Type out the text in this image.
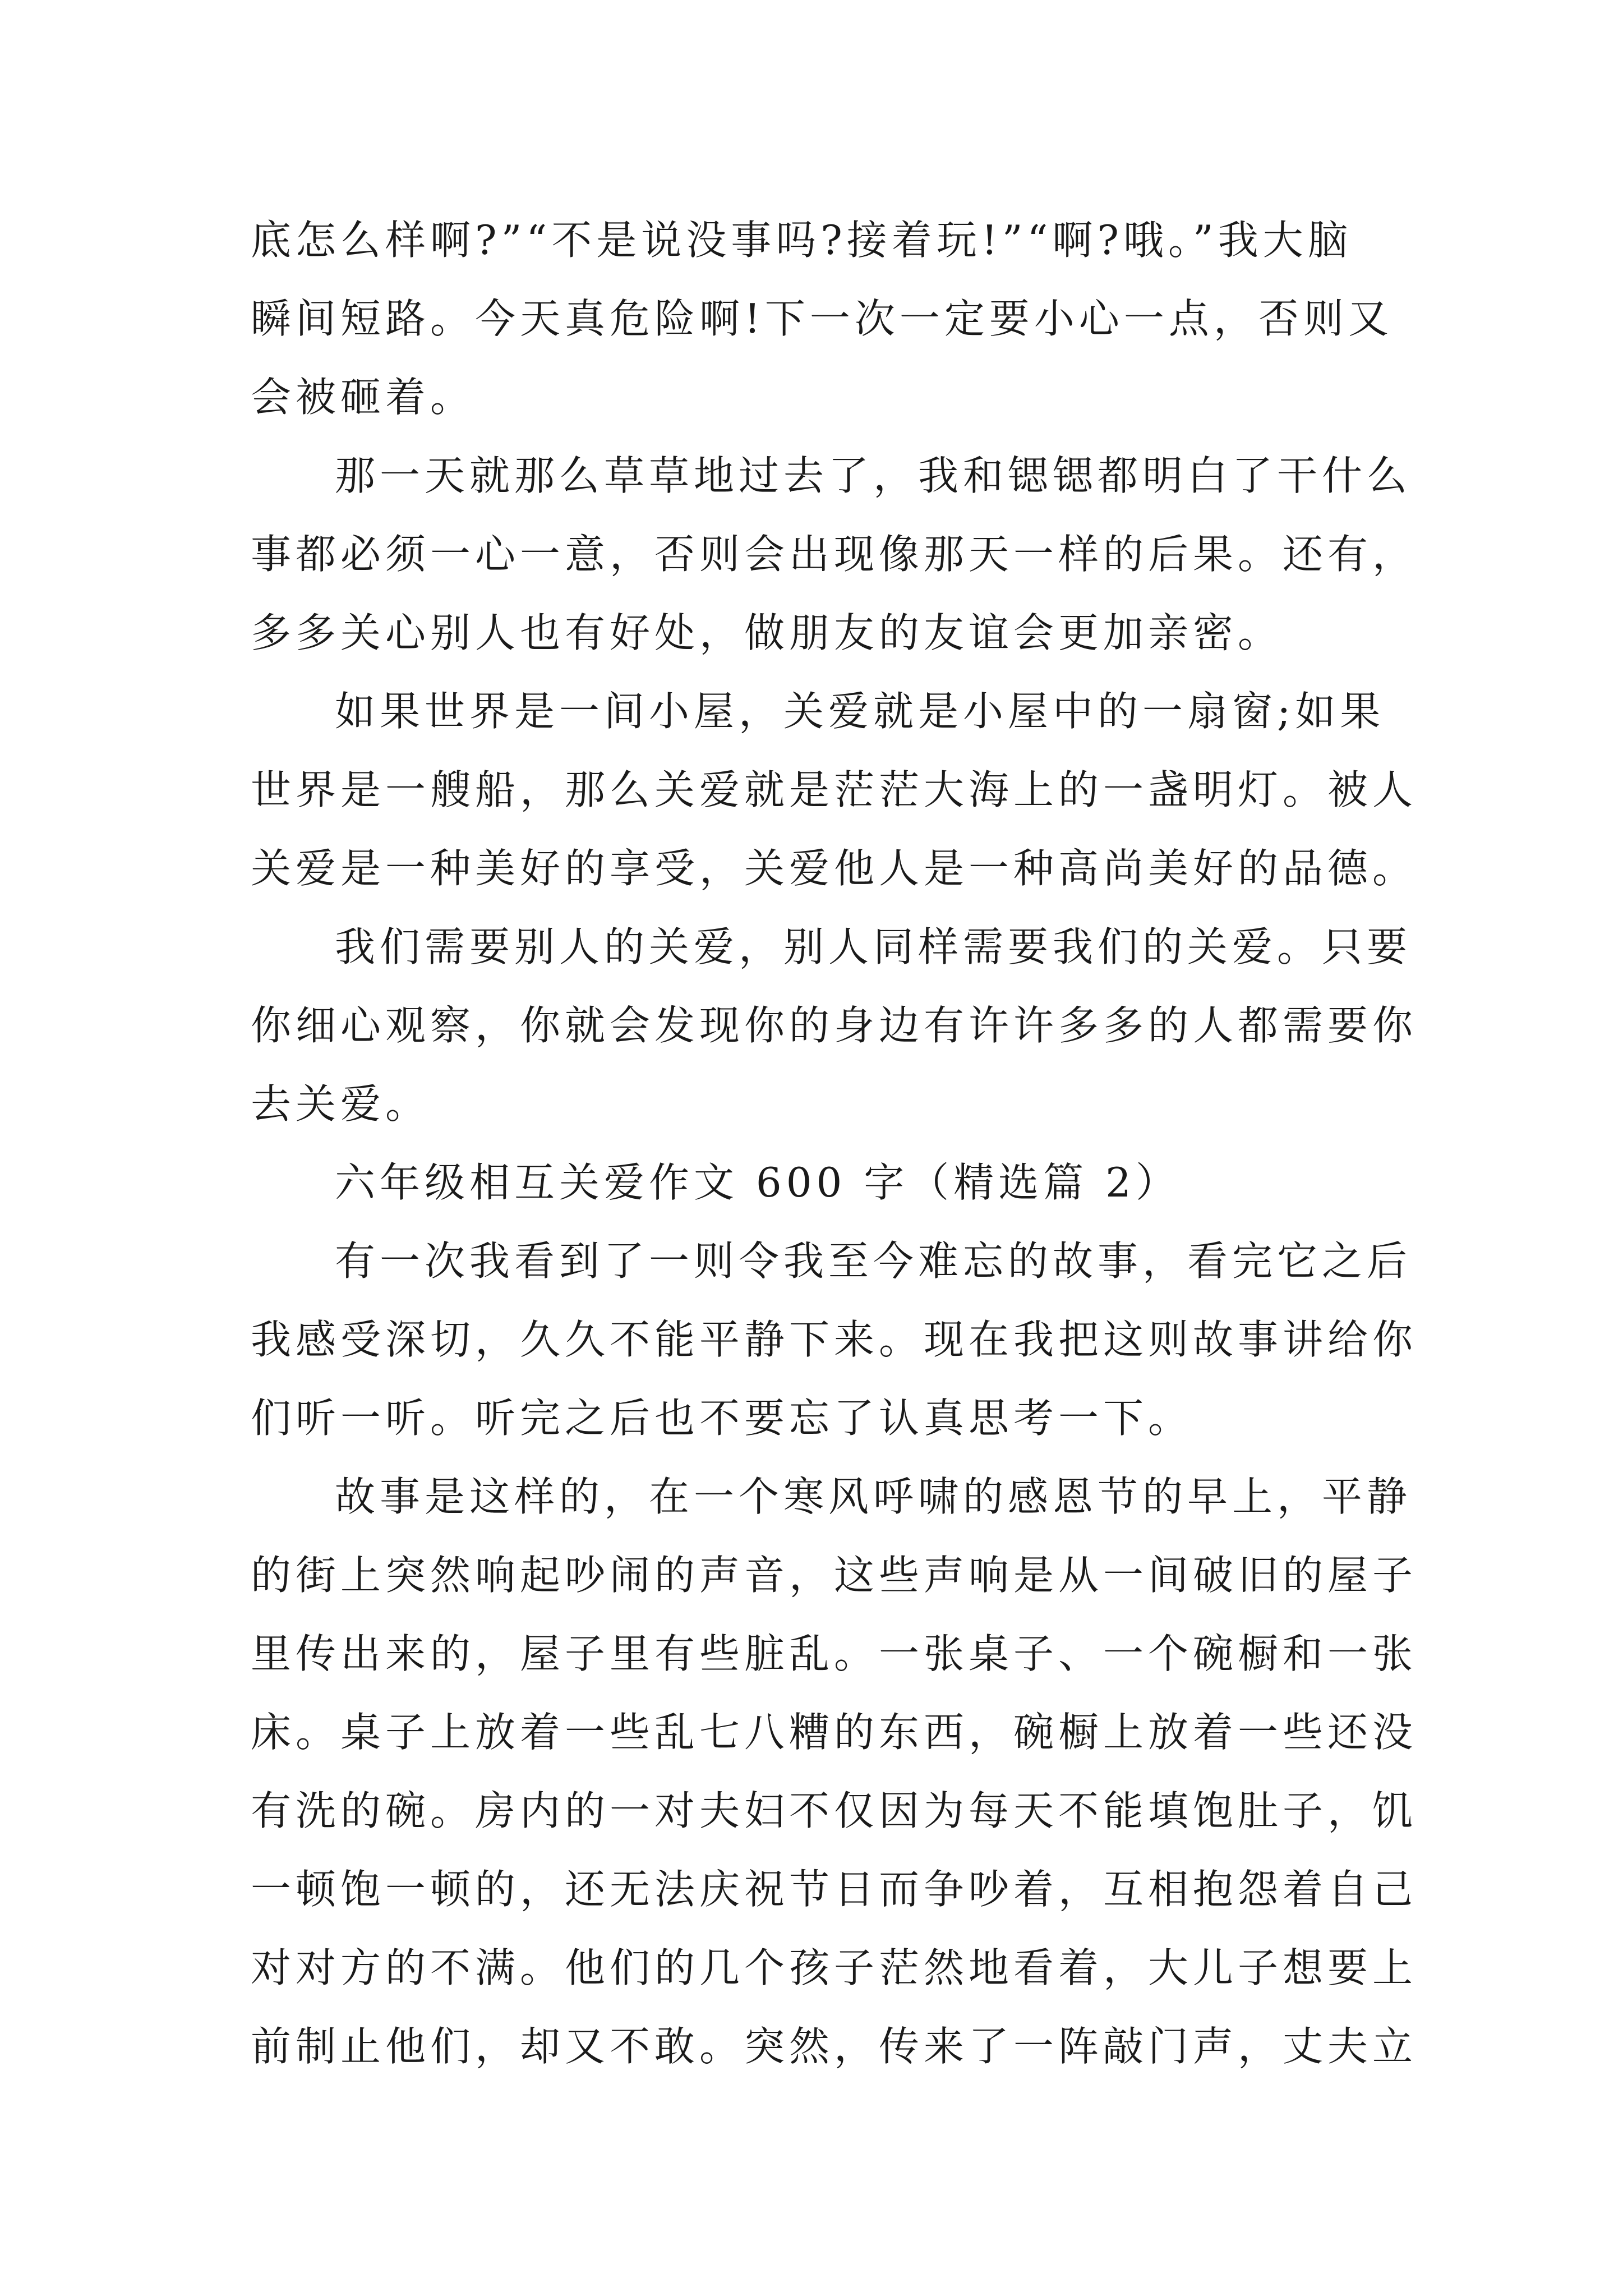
底怎么样啊?”“不是说没事吗?接着玩!”“啊?哦。”我大脑
瞬间短路。今天真危险啊!下一次一定要小心一点，否则又
会被砸着。
那一天就那么草草地过去了，我和锶锶都明白了干什么
事都必须一心一意，否则会出现像那天一样的后果。还有，
多多关心别人也有好处，做朋友的友谊会更加亲密。
如果世界是一间小屋，关爱就是小屋中的一扇窗;如果
世界是一艘船，那么关爱就是茫茫大海上的一盏明灯。被人
关爱是一种美好的享受，关爱他人是一种高尚美好的品德。
我们需要别人的关爱，别人同样需要我们的关爱。只要
你细心观察，你就会发现你的身边有许许多多的人都需要你
去关爱。
六年级相互关爱作文 600 字（精选篇 2）
有一次我看到了一则令我至今难忘的故事，看完它之后
我感受深切，久久不能平静下来。现在我把这则故事讲给你
们听一听。听完之后也不要忘了认真思考一下。
故事是这样的，在一个寒风呼啸的感恩节的早上，平静
的街上突然响起吵闹的声音，这些声响是从一间破旧的屋子
里传出来的，屋子里有些脏乱。一张桌子、一个碗橱和一张
床。桌子上放着一些乱七八糟的东西，碗橱上放着一些还没
有洗的碗。房内的一对夫妇不仅因为每天不能填饱肚子，饥
一顿饱一顿的，还无法庆祝节日而争吵着，互相抱怨着自己
对对方的不满。他们的几个孩子茫然地看着，大儿子想要上
前制止他们，却又不敢。突然，传来了一阵敲门声，丈夫立
